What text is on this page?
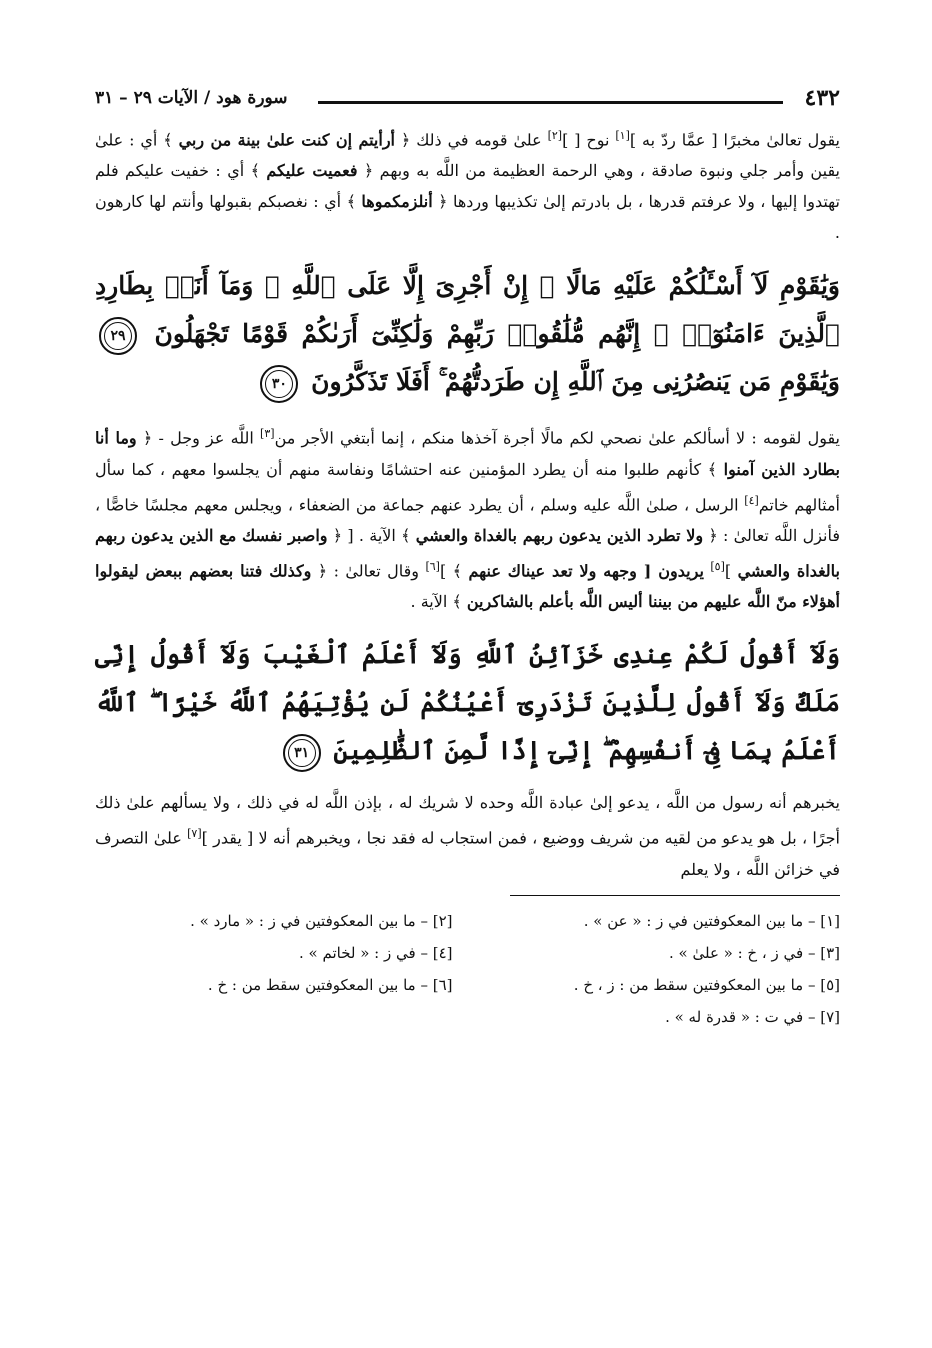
٤٣٢
سورة هود / الآيات ٢٩ – ٣١

يقول تعالىٰ مخبرًا [ عمَّا ردّ به ][١] نوح [ ][٢] علىٰ قومه في ذلك ﴿ أرأيتم إن كنت علىٰ بينة من ربي ﴾ أي : علىٰ يقين وأمر جلي ونبوة صادقة ، وهي الرحمة العظيمة من اللَّه به وبهم ﴿ فعميت عليكم ﴾ أي : خفيت عليكم فلم تهتدوا إليها ، ولا عرفتم قدرها ، بل بادرتم إلىٰ تكذيبها وردها ﴿ أنلزمكموها ﴾ أي : نغصبكم بقبولها وأنتم لها كارهون .

وَيَٰقَوْمِ لَآ أَسْـَٔلُكُمْ عَلَيْهِ مَالًا ۖ إِنْ أَجْرِىَ إِلَّا عَلَى ٱللَّهِ ۚ وَمَآ أَنَا۠ بِطَارِدِ ٱلَّذِينَ ءَامَنُوٓا۟ ۚ إِنَّهُم مُّلَٰقُوا۟ رَبِّهِمْ وَلَٰكِنِّىٓ أَرَىٰكُمْ قَوْمًا تَجْهَلُونَ ٢٩ وَيَٰقَوْمِ مَن يَنصُرُنِى مِنَ ٱللَّهِ إِن طَرَدتُّهُمْ ۚ أَفَلَا تَذَكَّرُونَ ٣٠

يقول لقومه : لا أسألكم علىٰ نصحي لكم مالًا أجرة آخذها منكم ، إنما أبتغي الأجر من[٣] اللَّه عز وجل - ﴿ وما أنا بطارد الذين آمنوا ﴾ كأنهم طلبوا منه أن يطرد المؤمنين عنه احتشامًا ونفاسة منهم أن يجلسوا معهم ، كما سأل أمثالهم خاتم[٤] الرسل ، صلىٰ اللَّه عليه وسلم ، أن يطرد عنهم جماعة من الضعفاء ، ويجلس معهم مجلسًا خاصًّا ، فأنزل اللَّه تعالىٰ : ﴿ ولا تطرد الذين يدعون ربهم بالغداة والعشي ﴾ الآية . [ ﴿ واصبر نفسك مع الذين يدعون ربهم بالغداة والعشي ][٥] يريدون [ وجهه ولا تعد عيناك عنهم ﴾ ][٦] وقال تعالىٰ : ﴿ وكذلك فتنا بعضهم ببعض ليقولوا أهؤلاء منّ اللَّه عليهم من بيننا أليس اللَّه بأعلم بالشاكرين ﴾ الآية .

وَلَآ أَقُولُ لَكُمْ عِندِى خَزَآئِنُ ٱللَّهِ وَلَآ أَعْلَمُ ٱلْغَيْبَ وَلَآ أَقُولُ إِنِّى مَلَكٌ وَلَآ أَقُولُ لِلَّذِينَ تَزْدَرِىٓ أَعْيُنُكُمْ لَن يُؤْتِيَهُمُ ٱللَّهُ خَيْرًا ۖ ٱللَّهُ أَعْلَمُ بِمَا فِىٓ أَنفُسِهِمْ ۖ إِنِّىٓ إِذًا لَّمِنَ ٱلظَّٰلِمِينَ ٣١

يخبرهم أنه رسول من اللَّه ، يدعو إلىٰ عبادة اللَّه وحده لا شريك له ، بإذن اللَّه له في ذلك ، ولا يسألهم علىٰ ذلك أجرًا ، بل هو يدعو من لقيه من شريف ووضيع ، فمن استجاب له فقد نجا ، ويخبرهم أنه لا [ يقدر ][٧] علىٰ التصرف في خزائن اللَّه ، ولا يعلم

[١] – ما بين المعكوفتين في ز : « عن » .
[٢] – ما بين المعكوفتين في ز : « مارد » .
[٣] – في ز ، خ : « علىٰ » .
[٤] – في ز : « لخاتم » .
[٥] – ما بين المعكوفتين سقط من : ز ، خ .
[٦] – ما بين المعكوفتين سقط من : خ .
[٧] – في ت : « قدرة له » .
